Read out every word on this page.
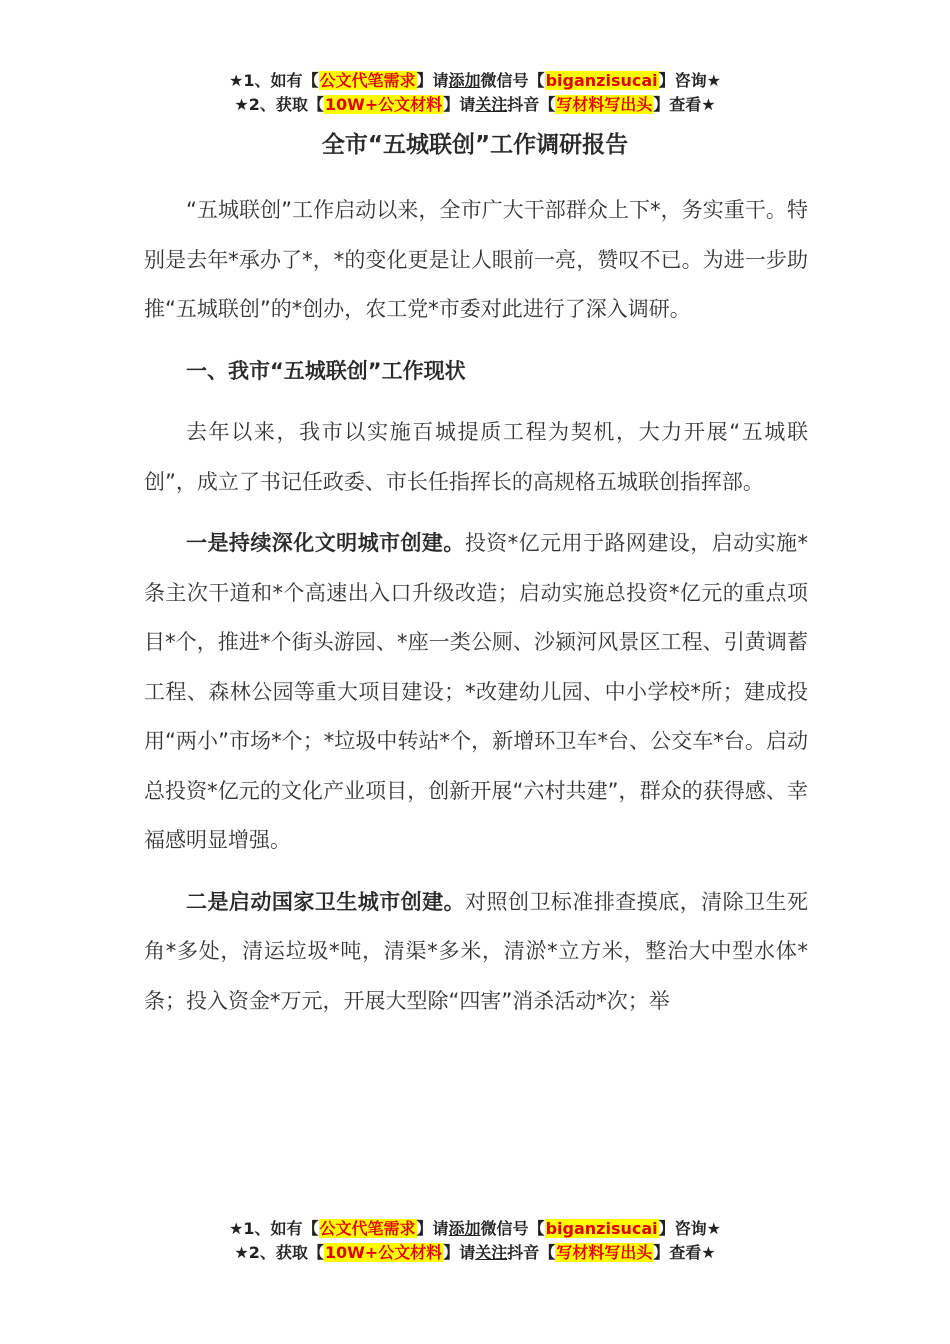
★1、如有【公文代笔需求】请添加微信号【biganzisucai】咨询★
★2、获取【10W+公文材料】请关注抖音【写材料写出头】查看★
全市“五城联创”工作调研报告

“五城联创”工作启动以来，全市广大干部群众上下*，务实重干。特别是去年*承办了*，*的变化更是让人眼前一亮，赞叹不已。为进一步助推“五城联创”的*创办，农工党*市委对此进行了深入调研。

一、我市“五城联创”工作现状

去年以来，我市以实施百城提质工程为契机，大力开展“五城联创”，成立了书记任政委、市长任指挥长的高规格五城联创指挥部。

一是持续深化文明城市创建。投资*亿元用于路网建设，启动实施*条主次干道和*个高速出入口升级改造；启动实施总投资*亿元的重点项目*个，推进*个街头游园、*座一类公厕、沙颍河风景区工程、引黄调蓄工程、森林公园等重大项目建设；*改建幼儿园、中小学校*所；建成投用“两小”市场*个；*垃圾中转站*个，新增环卫车*台、公交车*台。启动总投资*亿元的文化产业项目，创新开展“六村共建”，群众的获得感、幸福感明显增强。

二是启动国家卫生城市创建。对照创卫标准排查摸底，清除卫生死角*多处，清运垃圾*吨，清渠*多米，清淤*立方米，整治大中型水体*条；投入资金*万元，开展大型除“四害”消杀活动*次；举

★1、如有【公文代笔需求】请添加微信号【biganzisucai】咨询★
★2、获取【10W+公文材料】请关注抖音【写材料写出头】查看★
